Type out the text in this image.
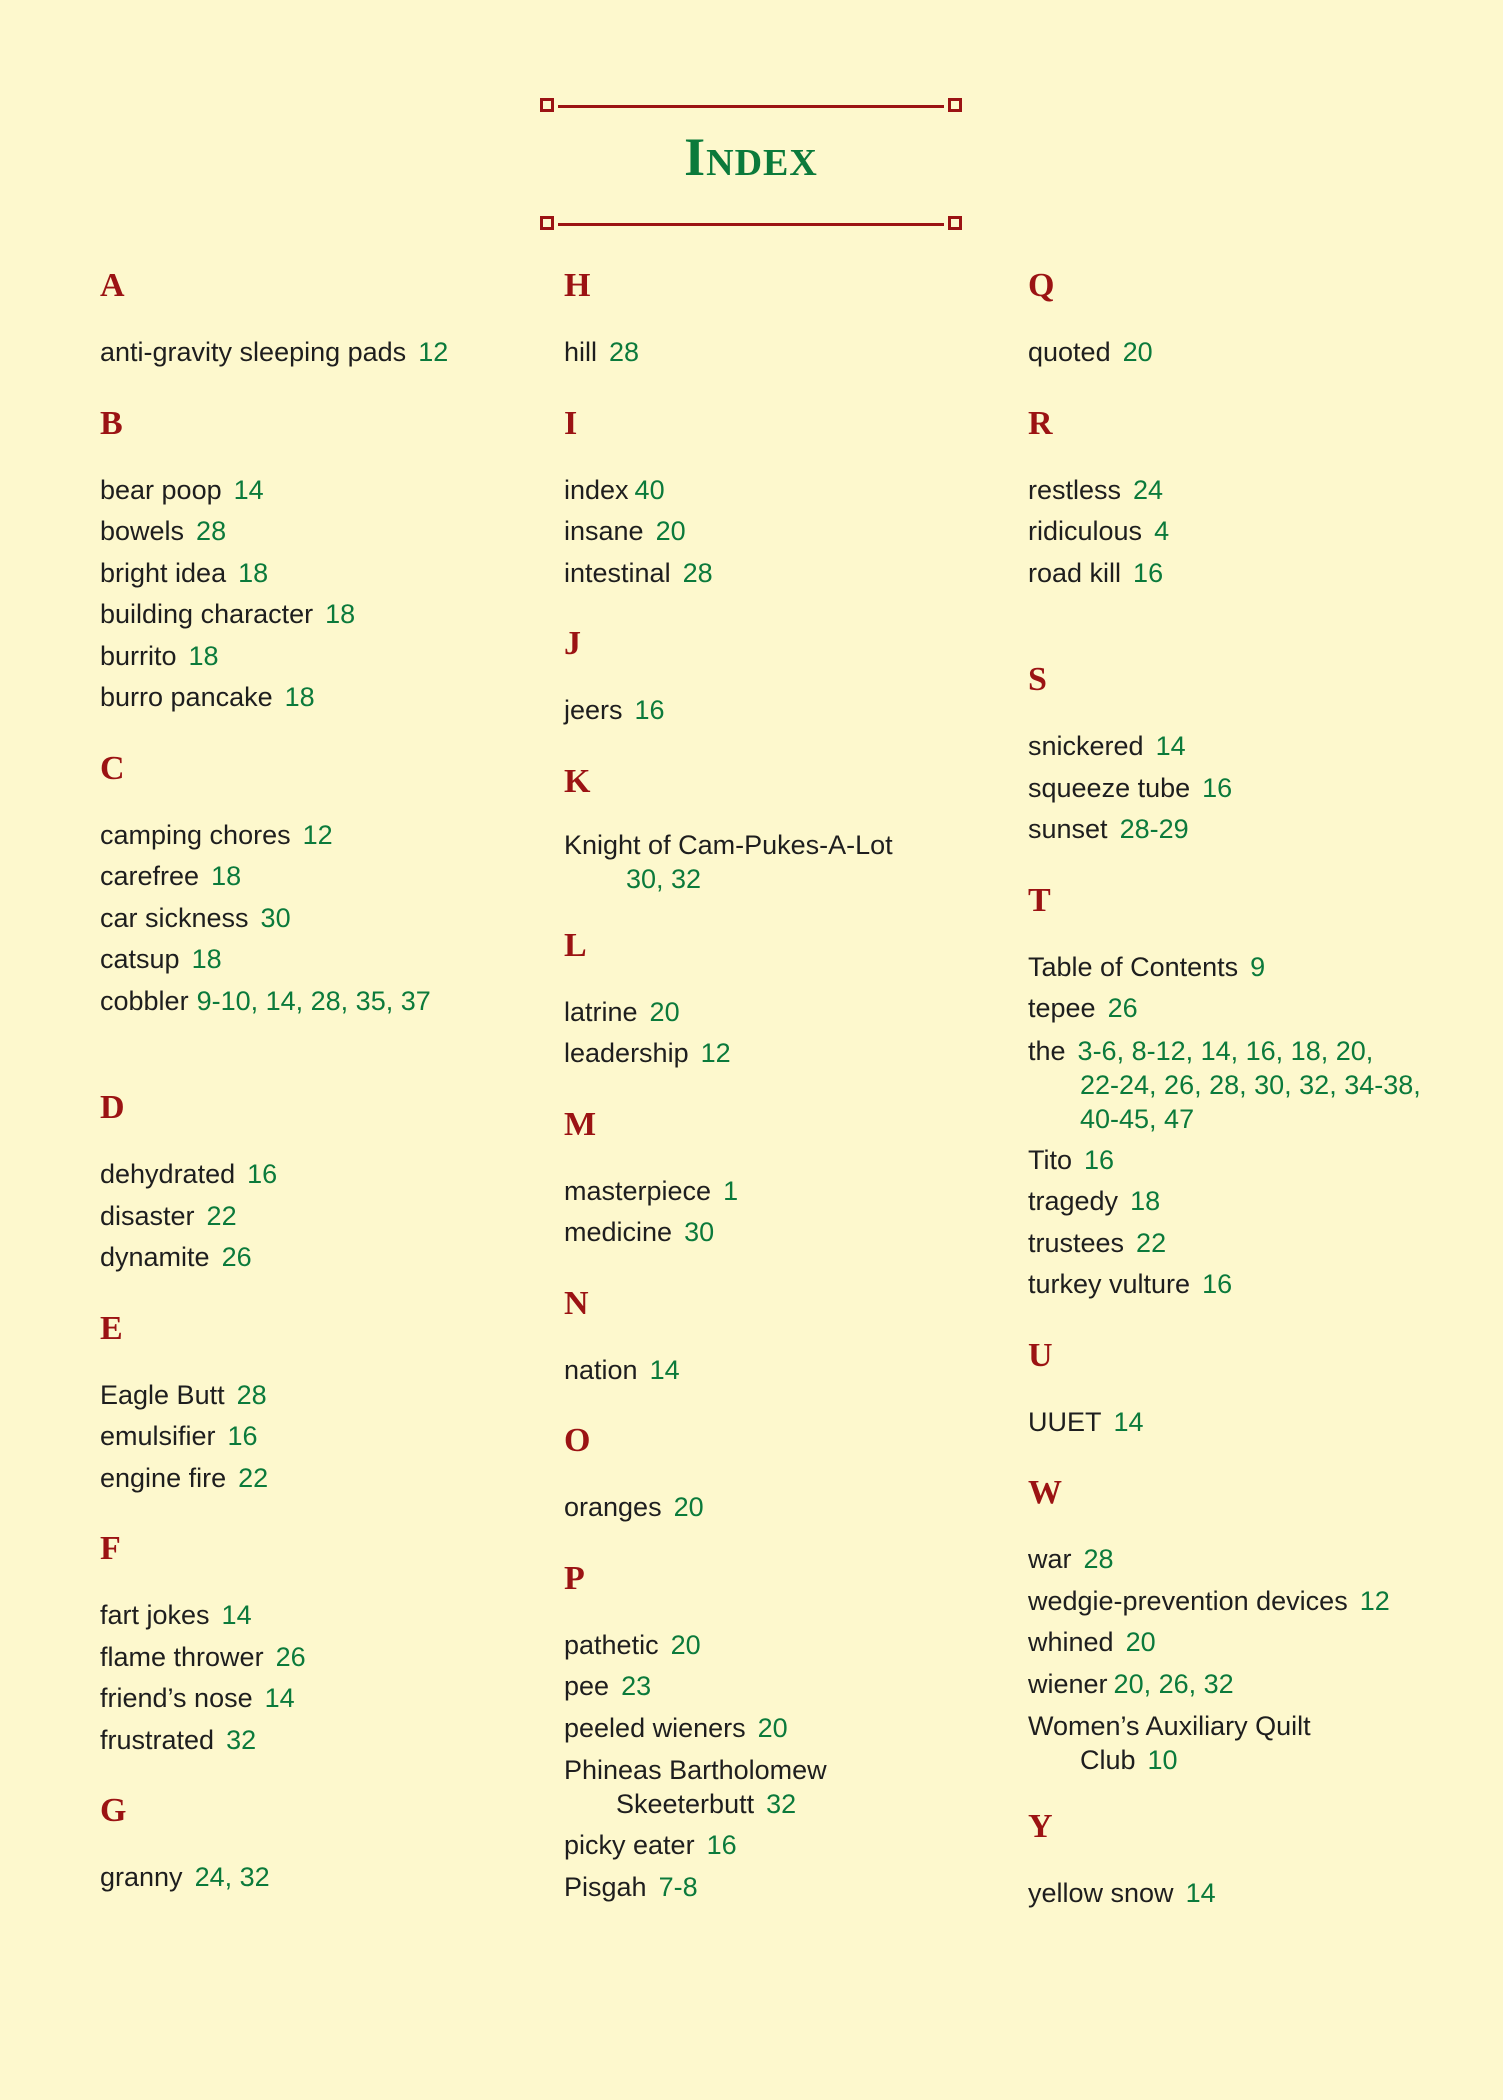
Index
A
anti-gravity sleeping pads 12
B
bear poop 14
bowels 28
bright idea 18
building character 18
burrito 18
burro pancake 18
C
camping chores 12
carefree 18
car sickness 30
catsup 18
cobbler 9-10, 14, 28, 35, 37
D
dehydrated 16
disaster 22
dynamite 26
E
Eagle Butt 28
emulsifier 16
engine fire 22
F
fart jokes 14
flame thrower 26
friend’s nose 14
frustrated 32
G
granny 24, 32
H
hill 28
I
index 40
insane 20
intestinal 28
J
jeers 16
K
Knight of Cam-Pukes-A-Lot
30, 32
L
latrine 20
leadership 12
M
masterpiece 1
medicine 30
N
nation 14
O
oranges 20
P
pathetic 20
pee 23
peeled wieners 20
Phineas Bartholomew
Skeeterbutt 32
picky eater 16
Pisgah 7-8
Q
quoted 20
R
restless 24
ridiculous 4
road kill 16
S
snickered 14
squeeze tube 16
sunset 28-29
T
Table of Contents 9
tepee 26
the 3-6, 8-12, 14, 16, 18, 20,
22-24, 26, 28, 30, 32, 34-38,
40-45, 47
Tito 16
tragedy 18
trustees 22
turkey vulture 16
U
UUET 14
W
war 28
wedgie-prevention devices 12
whined 20
wiener 20, 26, 32
Women’s Auxiliary Quilt
Club 10
Y
yellow snow 14
